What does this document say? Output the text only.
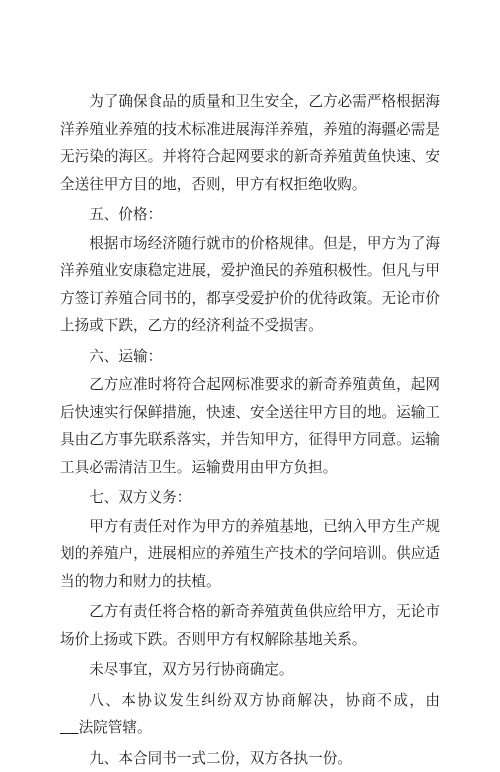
为了确保食品的质量和卫生安全，乙方必需严格根据海洋养殖业养殖的技术标准进展海洋养殖，养殖的海疆必需是无污染的海区。并将符合起网要求的新奇养殖黄鱼快速、安全送往甲方目的地，否则，甲方有权拒绝收购。

五、价格：

根据市场经济随行就市的价格规律。但是，甲方为了海洋养殖业安康稳定进展，爱护渔民的养殖积极性。但凡与甲方签订养殖合同书的，都享受爱护价的优待政策。无论市价上扬或下跌，乙方的经济利益不受损害。

六、运输：

乙方应准时将符合起网标准要求的新奇养殖黄鱼，起网后快速实行保鲜措施，快速、安全送往甲方目的地。运输工具由乙方事先联系落实，并告知甲方，征得甲方同意。运输工具必需清洁卫生。运输费用由甲方负担。

七、双方义务：

甲方有责任对作为甲方的养殖基地，已纳入甲方生产规划的养殖户，进展相应的养殖生产技术的学问培训。供应适当的物力和财力的扶植。

乙方有责任将合格的新奇养殖黄鱼供应给甲方，无论市场价上扬或下跌。否则甲方有权解除基地关系。

未尽事宜，双方另行协商确定。

八、本协议发生纠纷双方协商解决，协商不成，由    法院管辖。

九、本合同书一式二份，双方各执一份。
